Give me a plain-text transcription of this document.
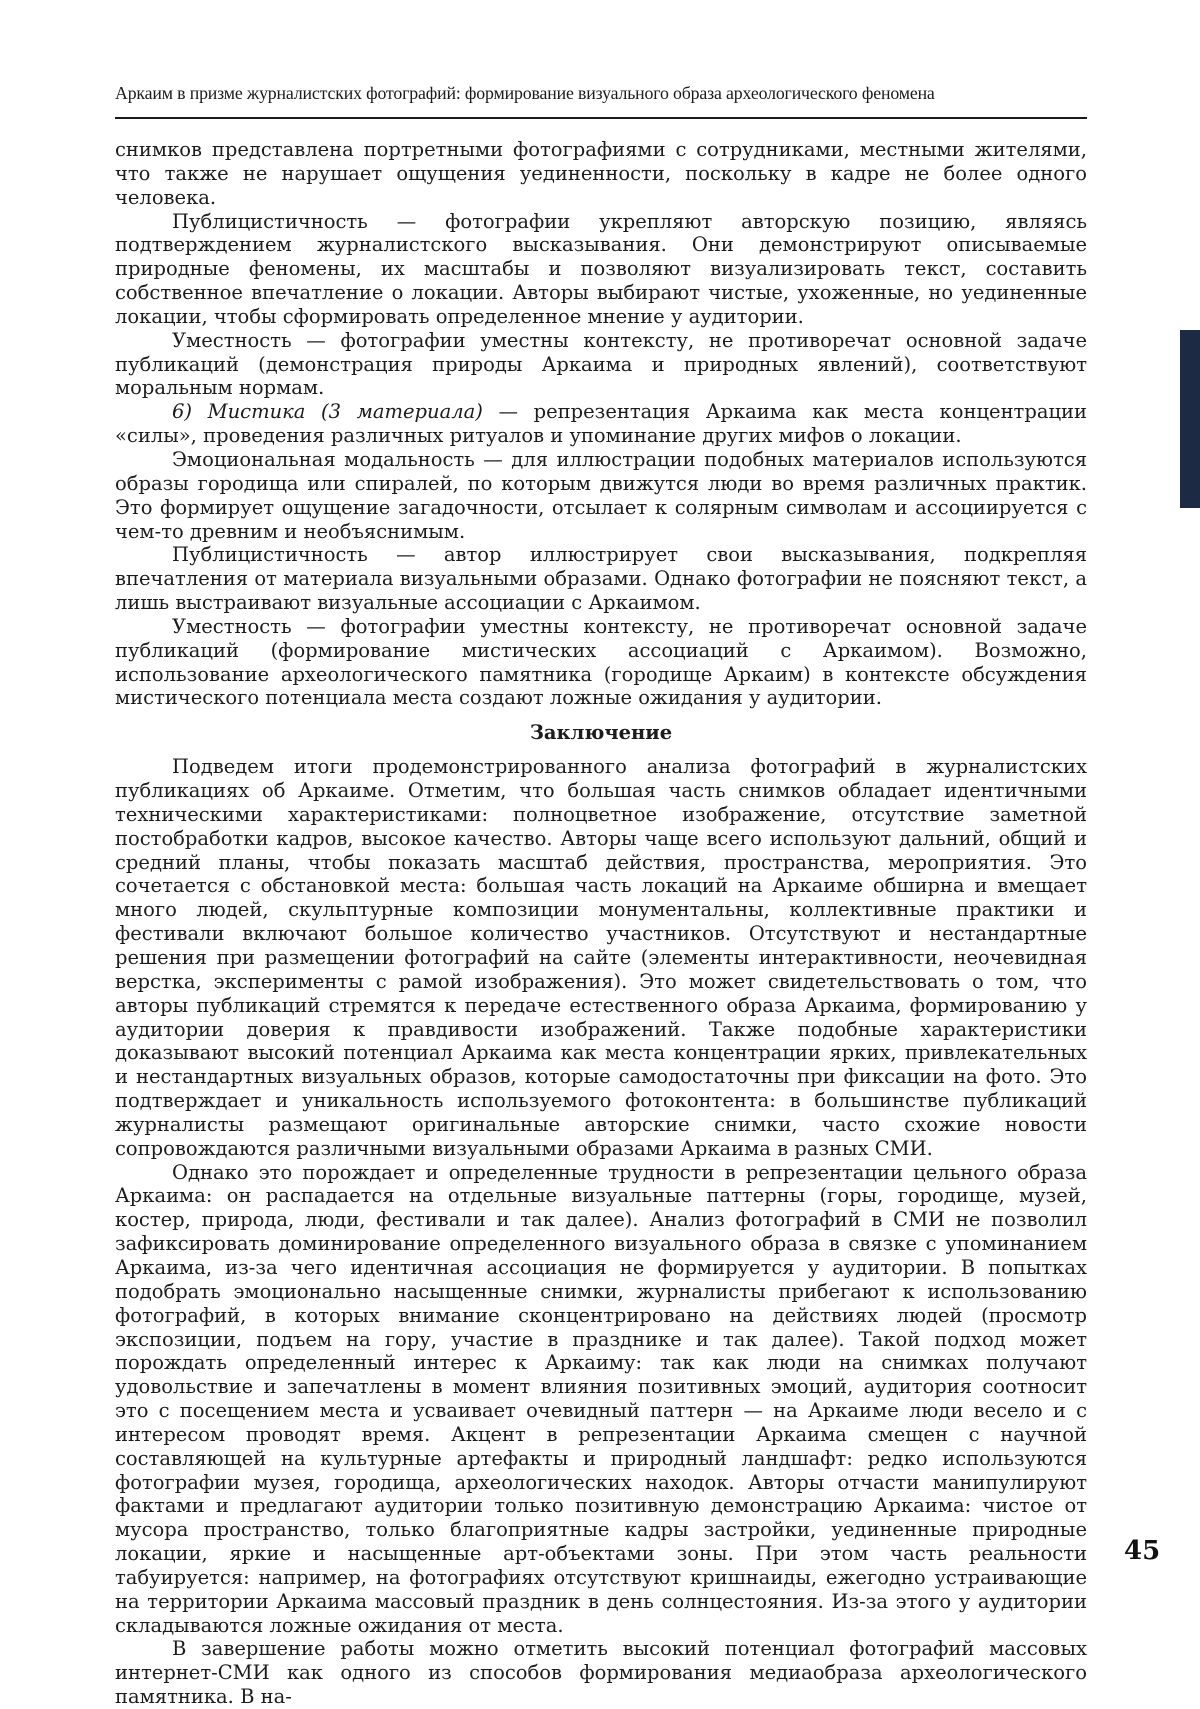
Аркаим в призме журналистских фотографий: формирование визуального образа археологического феномена

снимков представлена портретными фотографиями с сотрудниками, местными жителями, что также не нарушает ощущения уединенности, поскольку в кадре не более одного человека.

Публицистичность — фотографии укрепляют авторскую позицию, являясь подтверждением журналистского высказывания. Они демонстрируют описываемые природные феномены, их масштабы и позволяют визуализировать текст, составить собственное впечатление о локации. Авторы выбирают чистые, ухоженные, но уединенные локации, чтобы сформировать определенное мнение у аудитории.

Уместность — фотографии уместны контексту, не противоречат основной задаче публикаций (демонстрация природы Аркаима и природных явлений), соответствуют моральным нормам.

6) Мистика (3 материала) — репрезентация Аркаима как места концентрации «силы», проведения различных ритуалов и упоминание других мифов о локации.

Эмоциональная модальность — для иллюстрации подобных материалов используются образы городища или спиралей, по которым движутся люди во время различных практик. Это формирует ощущение загадочности, отсылает к солярным символам и ассоциируется с чем-то древним и необъяснимым.

Публицистичность — автор иллюстрирует свои высказывания, подкрепляя впечатления от материала визуальными образами. Однако фотографии не поясняют текст, а лишь выстраивают визуальные ассоциации с Аркаимом.

Уместность — фотографии уместны контексту, не противоречат основной задаче публикаций (формирование мистических ассоциаций с Аркаимом). Возможно, использование археологического памятника (городище Аркаим) в контексте обсуждения мистического потенциала места создают ложные ожидания у аудитории.

Заключение

Подведем итоги продемонстрированного анализа фотографий в журналистских публикациях об Аркаиме. Отметим, что большая часть снимков обладает идентичными техническими характеристиками: полноцветное изображение, отсутствие заметной постобработки кадров, высокое качество. Авторы чаще всего используют дальний, общий и средний планы, чтобы показать масштаб действия, пространства, мероприятия. Это сочетается с обстановкой места: большая часть локаций на Аркаиме обширна и вмещает много людей, скульптурные композиции монументальны, коллективные практики и фестивали включают большое количество участников. Отсутствуют и нестандартные решения при размещении фотографий на сайте (элементы интерактивности, неочевидная верстка, эксперименты с рамой изображения). Это может свидетельствовать о том, что авторы публикаций стремятся к передаче естественного образа Аркаима, формированию у аудитории доверия к правдивости изображений. Также подобные характеристики доказывают высокий потенциал Аркаима как места концентрации ярких, привлекательных и нестандартных визуальных образов, которые самодостаточны при фиксации на фото. Это подтверждает и уникальность используемого фотоконтента: в большинстве публикаций журналисты размещают оригинальные авторские снимки, часто схожие новости сопровождаются различными визуальными образами Аркаима в разных СМИ.

Однако это порождает и определенные трудности в репрезентации цельного образа Аркаима: он распадается на отдельные визуальные паттерны (горы, городище, музей, костер, природа, люди, фестивали и так далее). Анализ фотографий в СМИ не позволил зафиксировать доминирование определенного визуального образа в связке с упоминанием Аркаима, из-за чего идентичная ассоциация не формируется у аудитории. В попытках подобрать эмоционально насыщенные снимки, журналисты прибегают к использованию фотографий, в которых внимание сконцентрировано на действиях людей (просмотр экспозиции, подъем на гору, участие в празднике и так далее). Такой подход может порождать определенный интерес к Аркаиму: так как люди на снимках получают удовольствие и запечатлены в момент влияния позитивных эмоций, аудитория соотносит это с посещением места и усваивает очевидный паттерн — на Аркаиме люди весело и с интересом проводят время. Акцент в репрезентации Аркаима смещен с научной составляющей на культурные артефакты и природный ландшафт: редко используются фотографии музея, городища, археологических находок. Авторы отчасти манипулируют фактами и предлагают аудитории только позитивную демонстрацию Аркаима: чистое от мусора пространство, только благоприятные кадры застройки, уединенные природные локации, яркие и насыщенные арт-объектами зоны. При этом часть реальности табуируется: например, на фотографиях отсутствуют кришнаиды, ежегодно устраивающие на территории Аркаима массовый праздник в день солнцестояния. Из-за этого у аудитории складываются ложные ожидания от места.

В завершение работы можно отметить высокий потенциал фотографий массовых интернет-СМИ как одного из способов формирования медиаобраза археологического памятника. В на-

45
